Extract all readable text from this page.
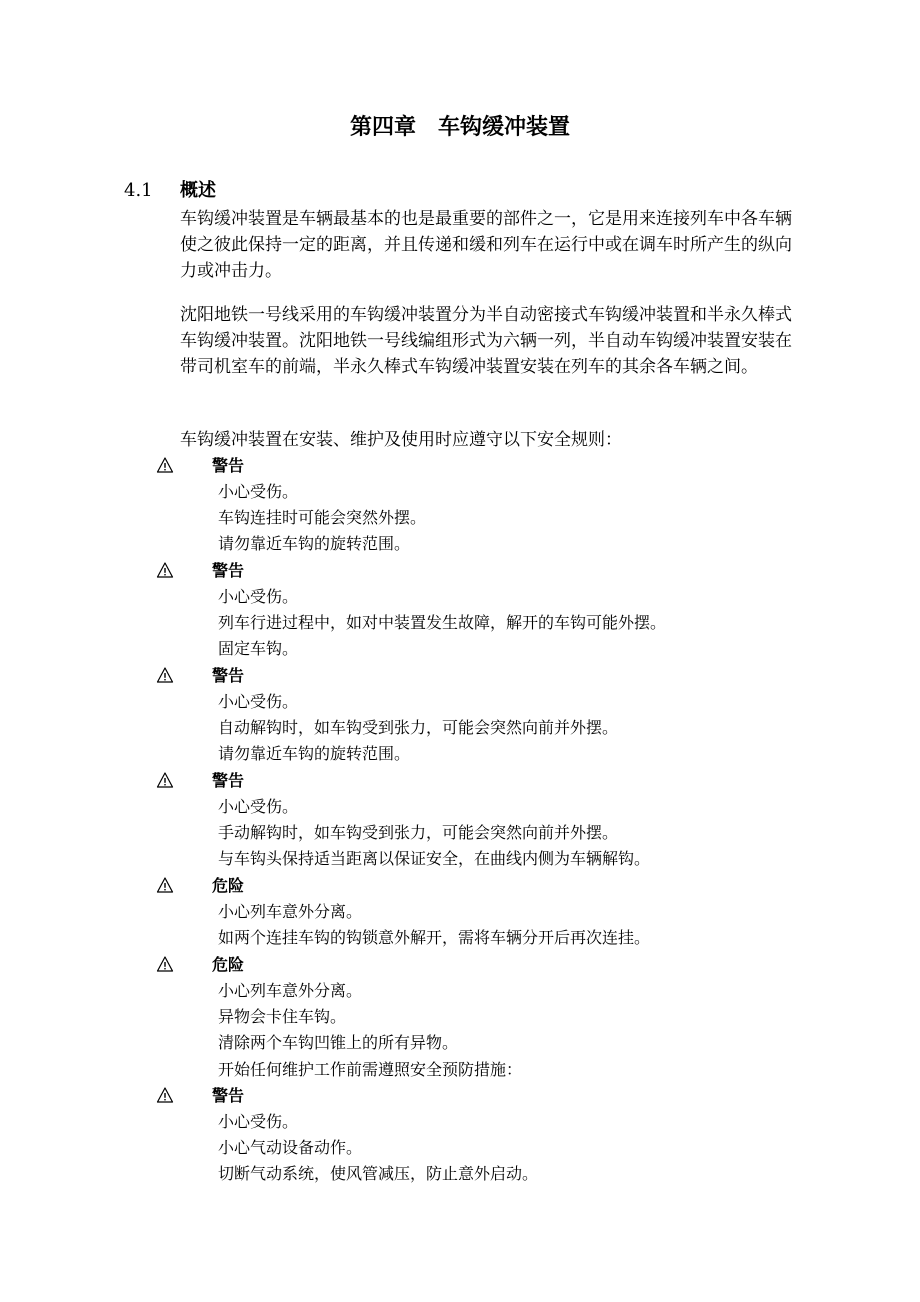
第四章　车钩缓冲装置
4.1 概述

车钩缓冲装置是车辆最基本的也是最重要的部件之一，它是用来连接列车中各车辆使之彼此保持一定的距离，并且传递和缓和列车在运行中或在调车时所产生的纵向力或冲击力。

沈阳地铁一号线采用的车钩缓冲装置分为半自动密接式车钩缓冲装置和半永久棒式车钩缓冲装置。沈阳地铁一号线编组形式为六辆一列，半自动车钩缓冲装置安装在带司机室车的前端，半永久棒式车钩缓冲装置安装在列车的其余各车辆之间。

车钩缓冲装置在安装、维护及使用时应遵守以下安全规则：

警告
小心受伤。
车钩连挂时可能会突然外摆。
请勿靠近车钩的旋转范围。
警告
小心受伤。
列车行进过程中，如对中装置发生故障，解开的车钩可能外摆。
固定车钩。
警告
小心受伤。
自动解钩时，如车钩受到张力，可能会突然向前并外摆。
请勿靠近车钩的旋转范围。
警告
小心受伤。
手动解钩时，如车钩受到张力，可能会突然向前并外摆。
与车钩头保持适当距离以保证安全，在曲线内侧为车辆解钩。
危险
小心列车意外分离。
如两个连挂车钩的钩锁意外解开，需将车辆分开后再次连挂。
危险
小心列车意外分离。
异物会卡住车钩。
清除两个车钩凹锥上的所有异物。
开始任何维护工作前需遵照安全预防措施：
警告
小心受伤。
小心气动设备动作。
切断气动系统，使风管减压，防止意外启动。
